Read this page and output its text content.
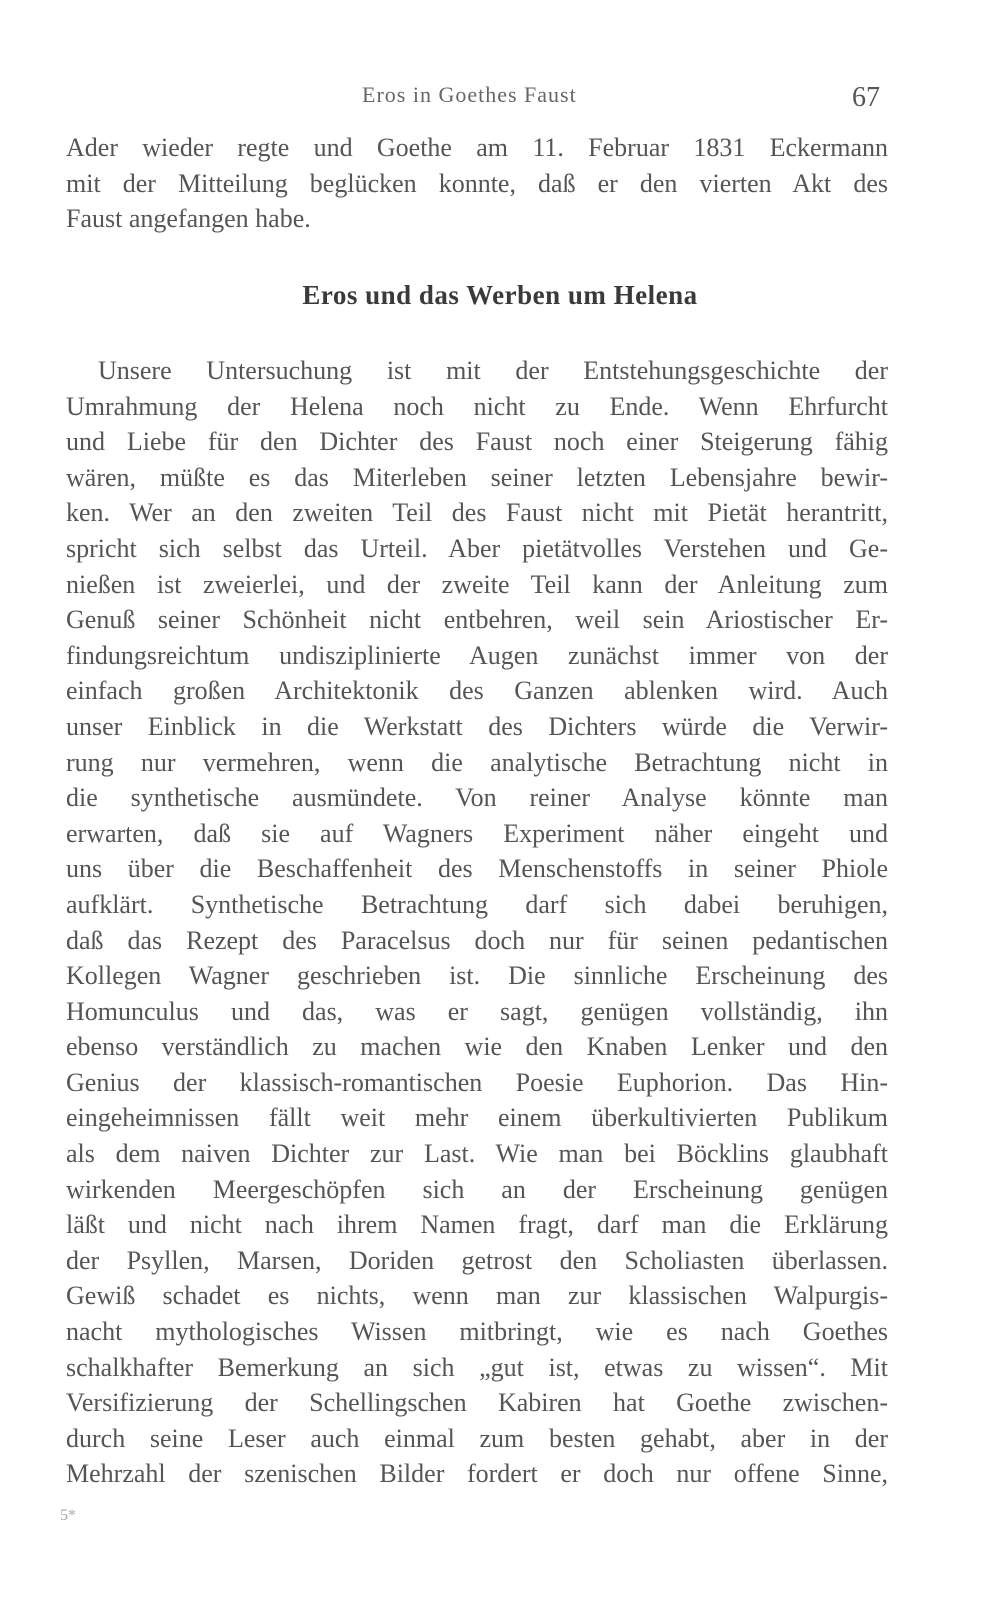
Eros in Goethes Faust	67
Ader wieder regte und Goethe am 11. Februar 1831 Eckermann
mit der Mitteilung beglücken konnte, daß er den vierten Akt des
Faust angefangen habe.
Eros und das Werben um Helena
Unsere Untersuchung ist mit der Entstehungsgeschichte der
Umrahmung der Helena noch nicht zu Ende. Wenn Ehrfurcht
und Liebe für den Dichter des Faust noch einer Steigerung fähig
wären, müßte es das Miterleben seiner letzten Lebensjahre bewir-
ken. Wer an den zweiten Teil des Faust nicht mit Pietät herantritt,
spricht sich selbst das Urteil. Aber pietätvolles Verstehen und Ge-
nießen ist zweierlei, und der zweite Teil kann der Anleitung zum
Genuß seiner Schönheit nicht entbehren, weil sein Ariostischer Er-
findungsreichtum undisziplinierte Augen zunächst immer von der
einfach großen Architektonik des Ganzen ablenken wird. Auch
unser Einblick in die Werkstatt des Dichters würde die Verwir-
rung nur vermehren, wenn die analytische Betrachtung nicht in
die synthetische ausmündete. Von reiner Analyse könnte man
erwarten, daß sie auf Wagners Experiment näher eingeht und
uns über die Beschaffenheit des Menschenstoffs in seiner Phiole
aufklärt. Synthetische Betrachtung darf sich dabei beruhigen,
daß das Rezept des Paracelsus doch nur für seinen pedantischen
Kollegen Wagner geschrieben ist. Die sinnliche Erscheinung des
Homunculus und das, was er sagt, genügen vollständig, ihn
ebenso verständlich zu machen wie den Knaben Lenker und den
Genius der klassisch-romantischen Poesie Euphorion. Das Hin-
eingeheimnissen fällt weit mehr einem überkultivierten Publikum
als dem naiven Dichter zur Last. Wie man bei Böcklins glaubhaft
wirkenden Meergeschöpfen sich an der Erscheinung genügen
läßt und nicht nach ihrem Namen fragt, darf man die Erklärung
der Psyllen, Marsen, Doriden getrost den Scholiasten überlassen.
Gewiß schadet es nichts, wenn man zur klassischen Walpurgis-
nacht mythologisches Wissen mitbringt, wie es nach Goethes
schalkhafter Bemerkung an sich „gut ist, etwas zu wissen“. Mit
Versifizierung der Schellingschen Kabiren hat Goethe zwischen-
durch seine Leser auch einmal zum besten gehabt, aber in der
Mehrzahl der szenischen Bilder fordert er doch nur offene Sinne,
5*
